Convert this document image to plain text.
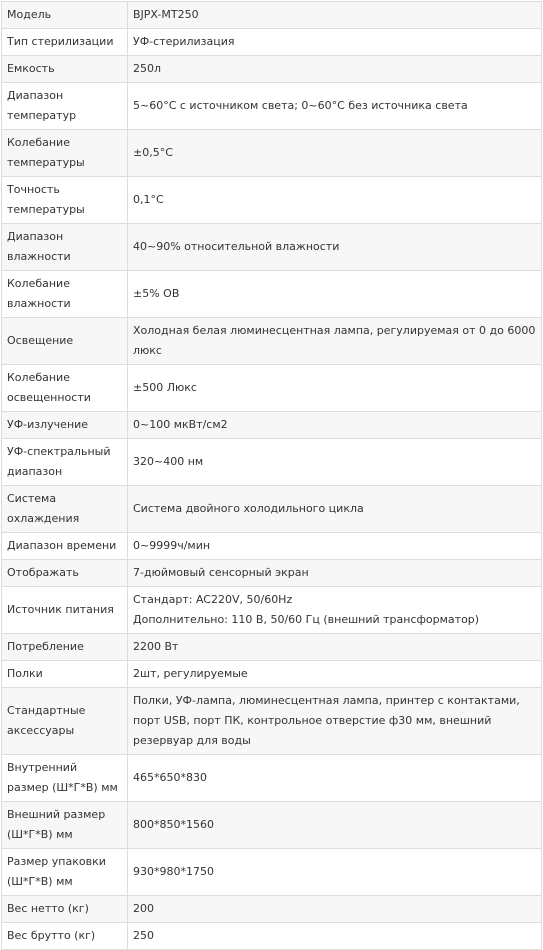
Модель	BJPX-MT250

Тип стерилизации	УФ-стерилизация

Емкость	250л

Диапазон температур	5~60°C с источником света; 0~60°C без источника света

Колебание температуры	±0,5°C

Точность температуры	0,1°C

Диапазон влажности	40~90% относительной влажности

Колебание влажности	±5% ОВ

Освещение	Холодная белая люминесцентная лампа, регулируемая от 0 до 6000 люкс

Колебание освещенности	±500 Люкс

УФ-излучение	0~100 мкВт/см2

УФ-спектральный диапазон	320~400 нм

Система охлаждения	Система двойного холодильного цикла

Диапазон времени	0~9999ч/мин

Отображать	7-дюймовый сенсорный экран

Источник питания	Стандарт: AC220V, 50/60Hz
Дополнительно: 110 В, 50/60 Гц (внешний трансформатор)

Потребление	2200 Вт

Полки	2шт, регулируемые

Стандартные аксессуары	Полки, УФ-лампа, люминесцентная лампа, принтер с контактами, порт USB, порт ПК, контрольное отверстие ф30 мм, внешний резервуар для воды

Внутренний размер (Ш*Г*В) мм	465*650*830

Внешний размер (Ш*Г*В) мм	800*850*1560

Размер упаковки (Ш*Г*В) мм	930*980*1750

Вес нетто (кг)	200

Вес брутто (кг)	250
